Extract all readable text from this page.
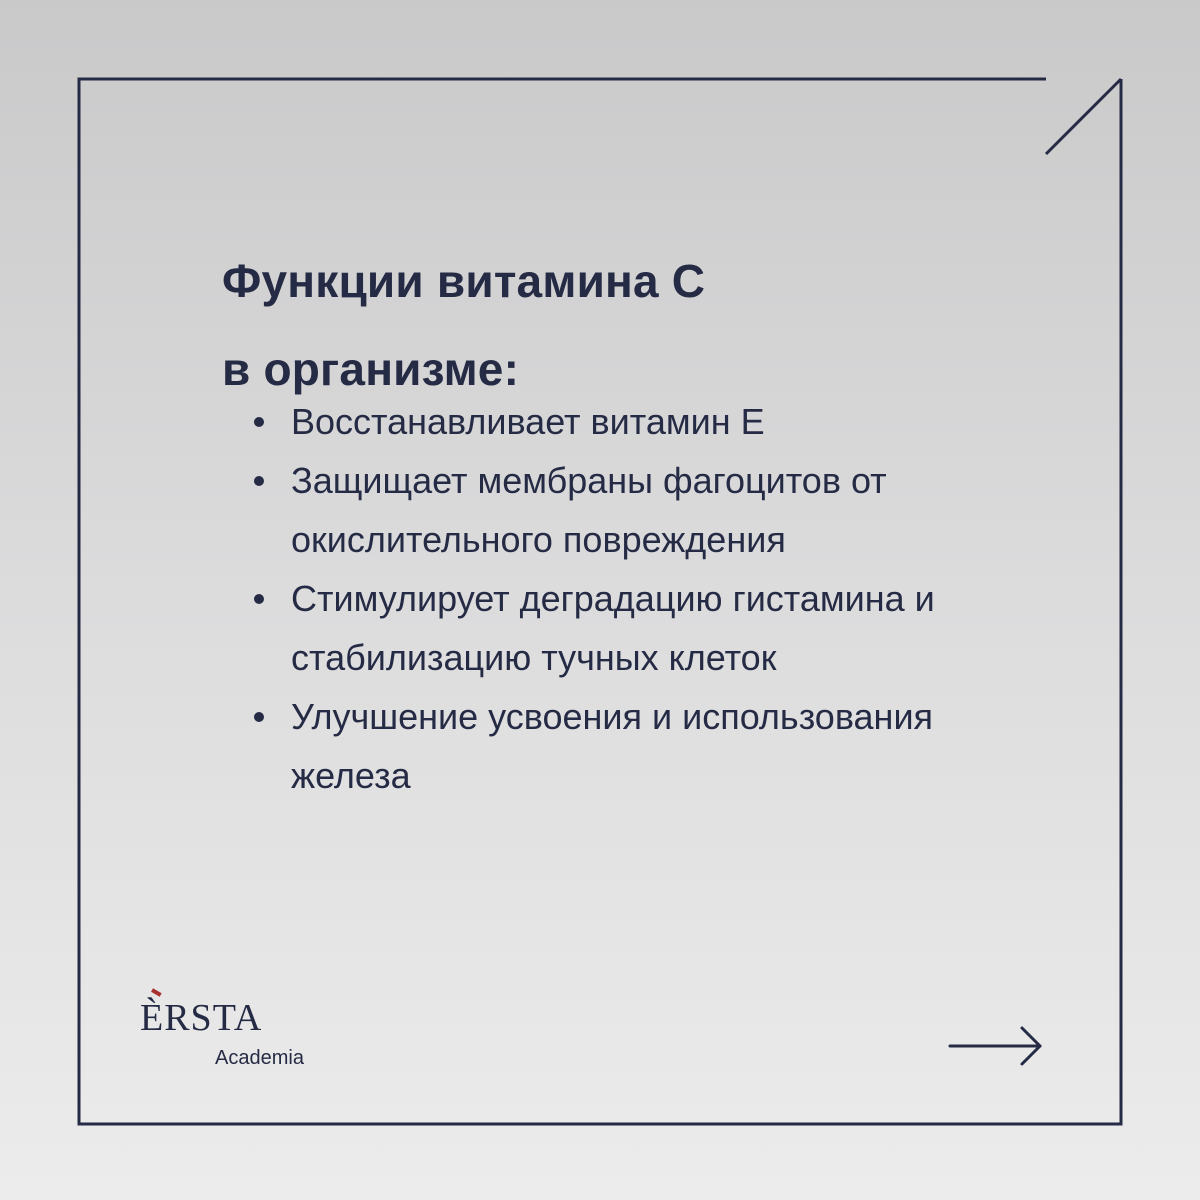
Функции витамина С
в организме:
Восстанавливает витамин Е
Защищает мембраны фагоцитов от окислительного повреждения
Стимулирует деградацию гистамина и стабилизацию тучных клеток
Улучшение усвоения и использования железа
ÈRSTA
Academia
